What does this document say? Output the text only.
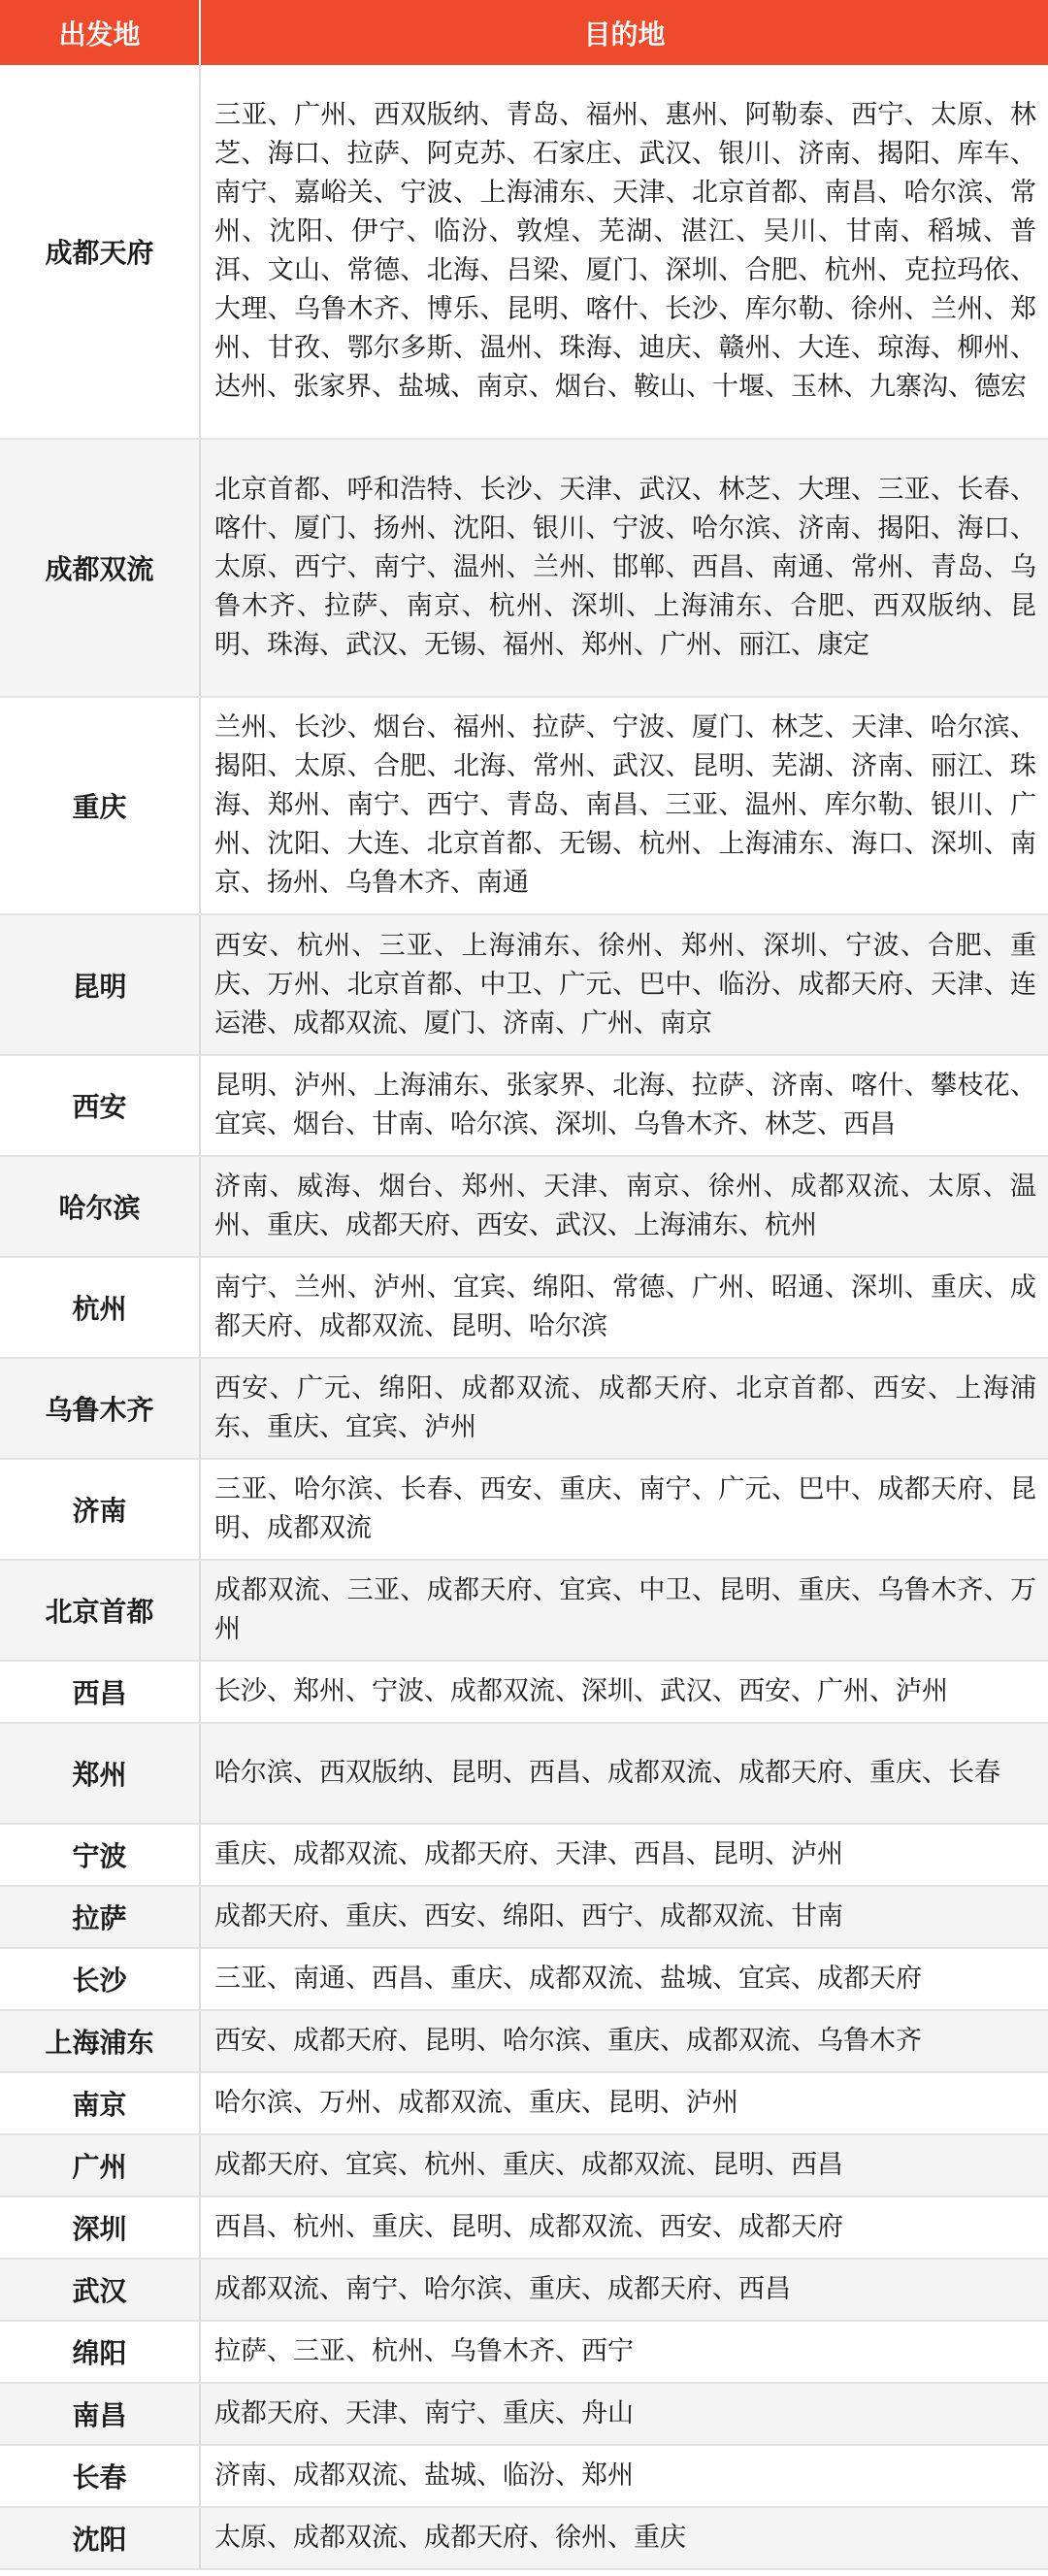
出发地	目的地
成都天府	三亚、广州、西双版纳、青岛、福州、惠州、阿勒泰、西宁、太原、林芝、海口、拉萨、阿克苏、石家庄、武汉、银川、济南、揭阳、库车、南宁、嘉峪关、宁波、上海浦东、天津、北京首都、南昌、哈尔滨、常州、沈阳、伊宁、临汾、敦煌、芜湖、湛江、吴川、甘南、稻城、普洱、文山、常德、北海、吕梁、厦门、深圳、合肥、杭州、克拉玛依、大理、乌鲁木齐、博乐、昆明、喀什、长沙、库尔勒、徐州、兰州、郑州、甘孜、鄂尔多斯、温州、珠海、迪庆、赣州、大连、琼海、柳州、达州、张家界、盐城、南京、烟台、鞍山、十堰、玉林、九寨沟、德宏
成都双流	北京首都、呼和浩特、长沙、天津、武汉、林芝、大理、三亚、长春、喀什、厦门、扬州、沈阳、银川、宁波、哈尔滨、济南、揭阳、海口、太原、西宁、南宁、温州、兰州、邯郸、西昌、南通、常州、青岛、乌鲁木齐、拉萨、南京、杭州、深圳、上海浦东、合肥、西双版纳、昆明、珠海、武汉、无锡、福州、郑州、广州、丽江、康定
重庆	兰州、长沙、烟台、福州、拉萨、宁波、厦门、林芝、天津、哈尔滨、揭阳、太原、合肥、北海、常州、武汉、昆明、芜湖、济南、丽江、珠海、郑州、南宁、西宁、青岛、南昌、三亚、温州、库尔勒、银川、广州、沈阳、大连、北京首都、无锡、杭州、上海浦东、海口、深圳、南京、扬州、乌鲁木齐、南通
昆明	西安、杭州、三亚、上海浦东、徐州、郑州、深圳、宁波、合肥、重庆、万州、北京首都、中卫、广元、巴中、临汾、成都天府、天津、连运港、成都双流、厦门、济南、广州、南京
西安	昆明、泸州、上海浦东、张家界、北海、拉萨、济南、喀什、攀枝花、宜宾、烟台、甘南、哈尔滨、深圳、乌鲁木齐、林芝、西昌
哈尔滨	济南、威海、烟台、郑州、天津、南京、徐州、成都双流、太原、温州、重庆、成都天府、西安、武汉、上海浦东、杭州
杭州	南宁、兰州、泸州、宜宾、绵阳、常德、广州、昭通、深圳、重庆、成都天府、成都双流、昆明、哈尔滨
乌鲁木齐	西安、广元、绵阳、成都双流、成都天府、北京首都、西安、上海浦东、重庆、宜宾、泸州
济南	三亚、哈尔滨、长春、西安、重庆、南宁、广元、巴中、成都天府、昆明、成都双流
北京首都	成都双流、三亚、成都天府、宜宾、中卫、昆明、重庆、乌鲁木齐、万州
西昌	长沙、郑州、宁波、成都双流、深圳、武汉、西安、广州、泸州
郑州	哈尔滨、西双版纳、昆明、西昌、成都双流、成都天府、重庆、长春
宁波	重庆、成都双流、成都天府、天津、西昌、昆明、泸州
拉萨	成都天府、重庆、西安、绵阳、西宁、成都双流、甘南
长沙	三亚、南通、西昌、重庆、成都双流、盐城、宜宾、成都天府
上海浦东	西安、成都天府、昆明、哈尔滨、重庆、成都双流、乌鲁木齐
南京	哈尔滨、万州、成都双流、重庆、昆明、泸州
广州	成都天府、宜宾、杭州、重庆、成都双流、昆明、西昌
深圳	西昌、杭州、重庆、昆明、成都双流、西安、成都天府
武汉	成都双流、南宁、哈尔滨、重庆、成都天府、西昌
绵阳	拉萨、三亚、杭州、乌鲁木齐、西宁
南昌	成都天府、天津、南宁、重庆、舟山
长春	济南、成都双流、盐城、临汾、郑州
沈阳	太原、成都双流、成都天府、徐州、重庆
